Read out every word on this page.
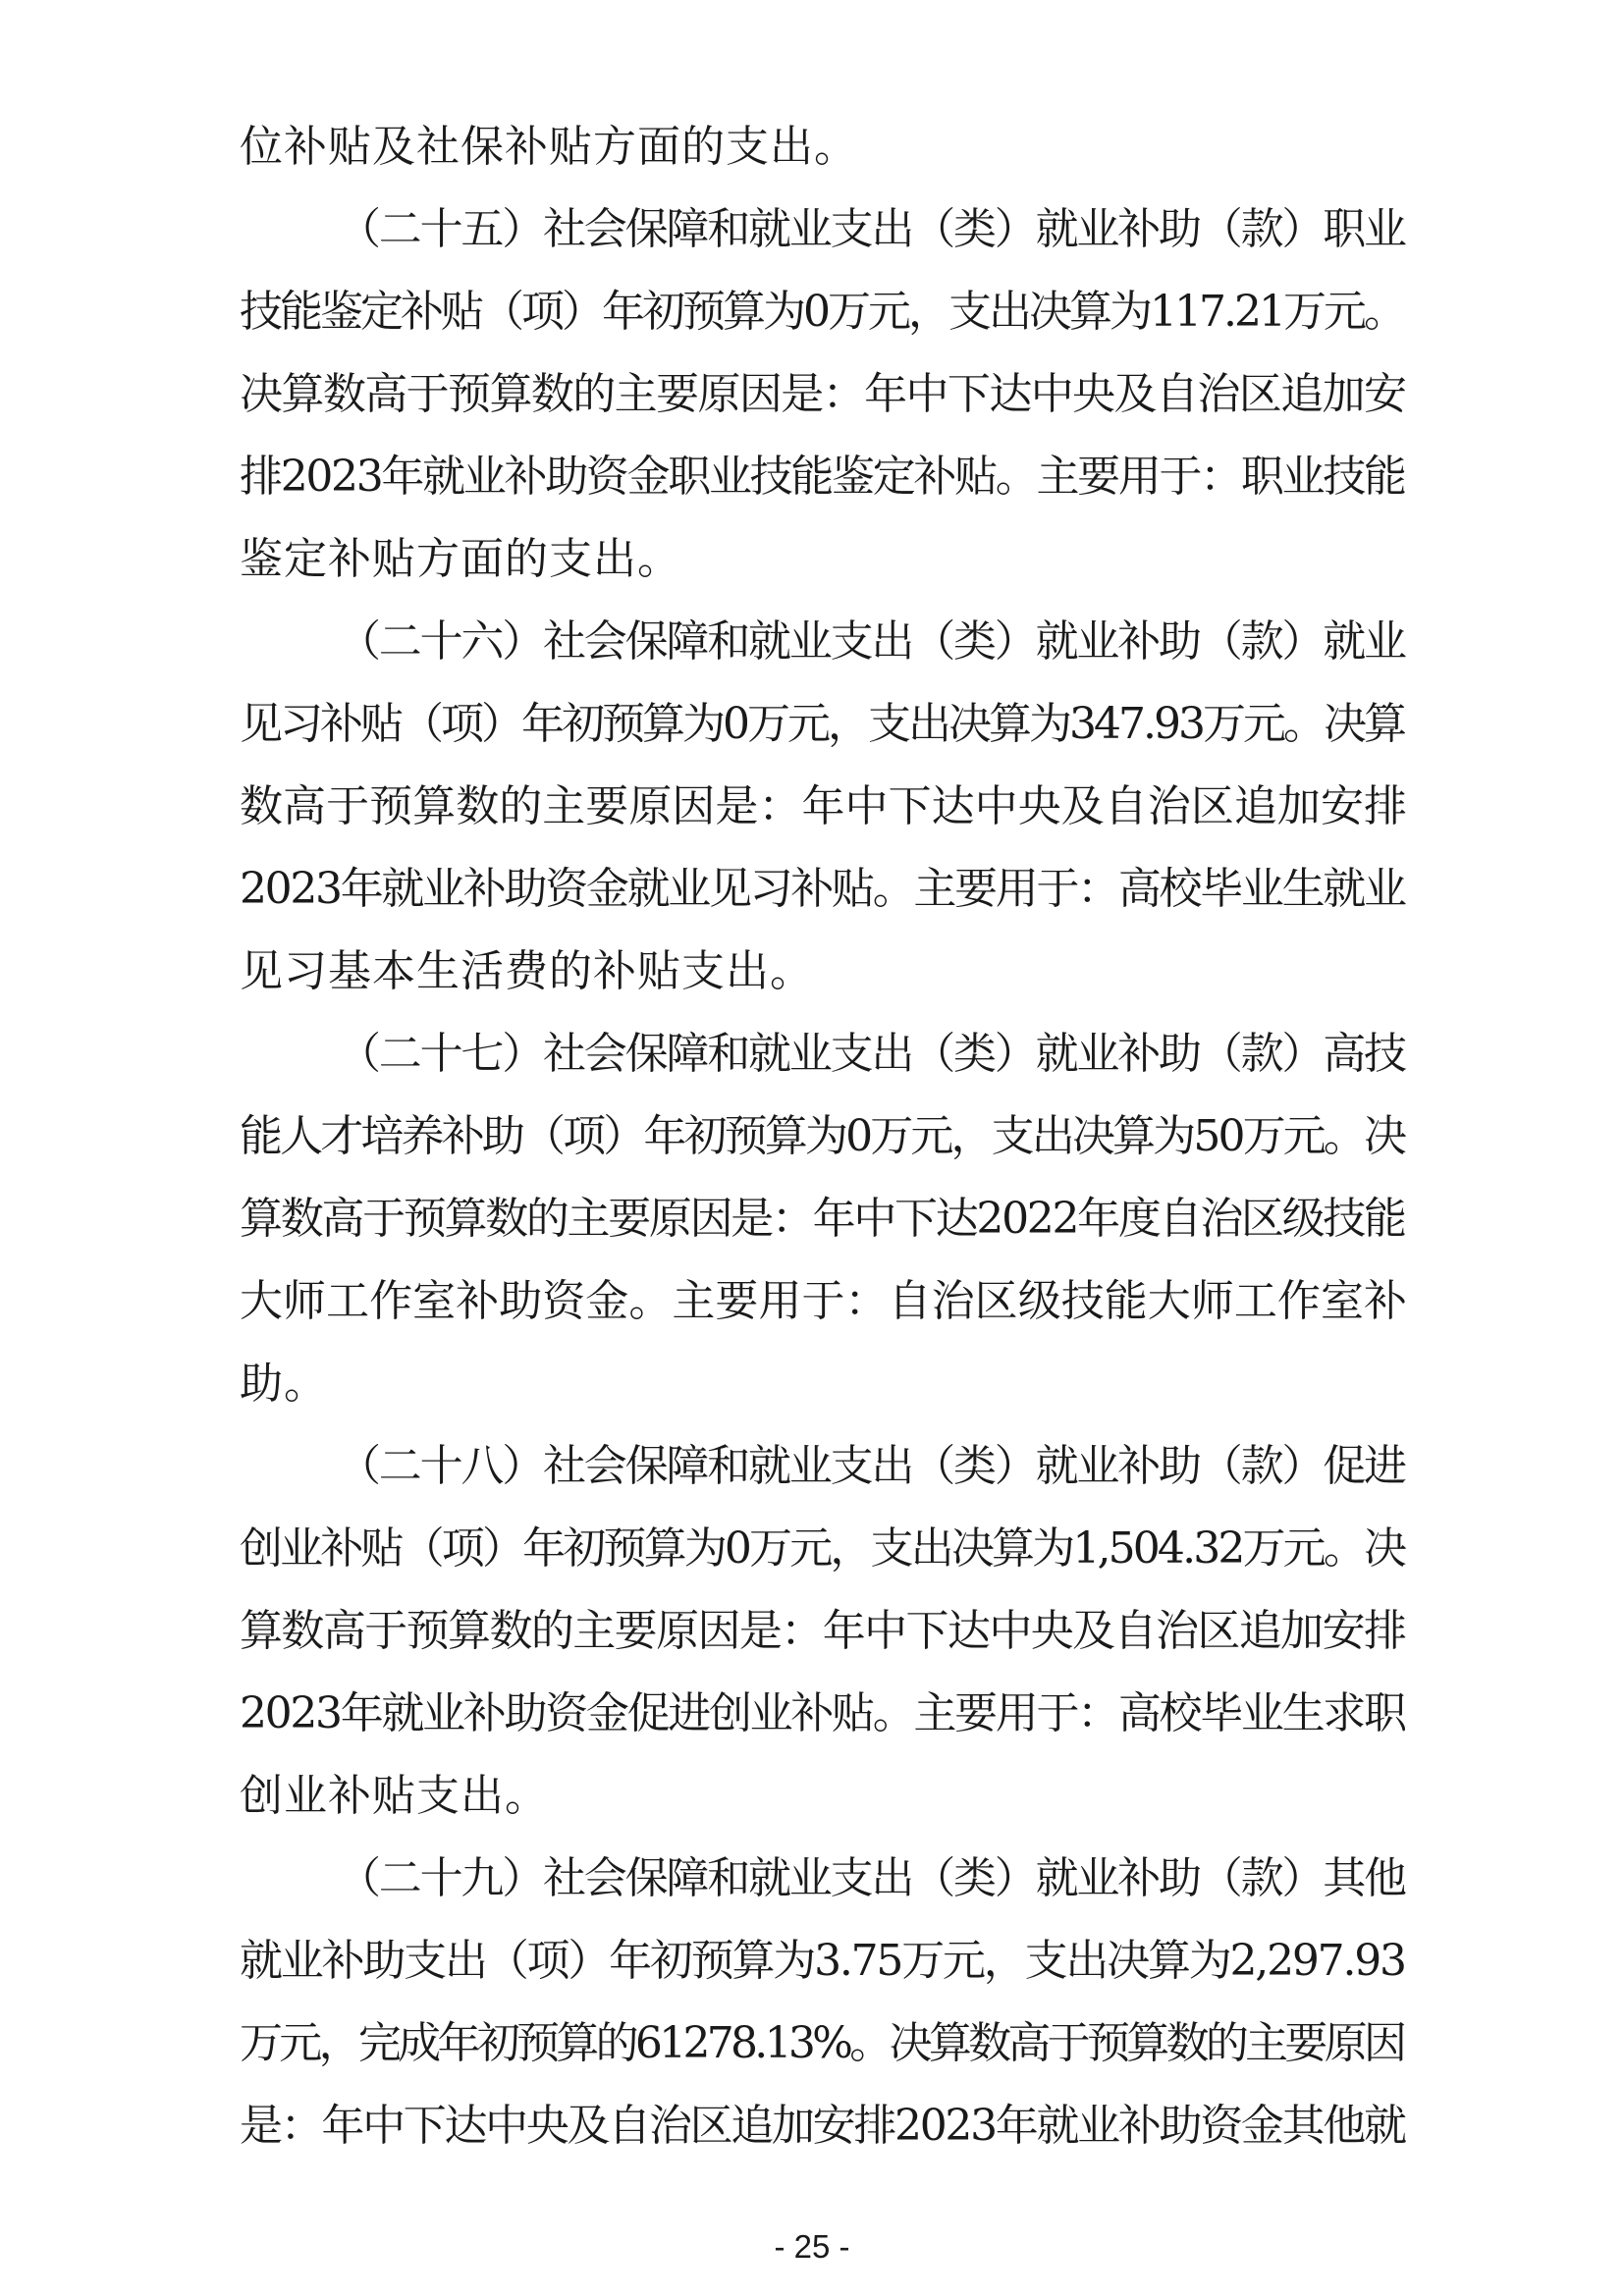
位补贴及社保补贴方面的支出。
（二十五）社会保障和就业支出（类）就业补助（款）职业
技能鉴定补贴（项）年初预算为0万元，支出决算为117.21万元。
决算数高于预算数的主要原因是：年中下达中央及自治区追加安
排2023年就业补助资金职业技能鉴定补贴。主要用于：职业技能
鉴定补贴方面的支出。
（二十六）社会保障和就业支出（类）就业补助（款）就业
见习补贴（项）年初预算为0万元，支出决算为347.93万元。决算
数高于预算数的主要原因是：年中下达中央及自治区追加安排
2023年就业补助资金就业见习补贴。主要用于：高校毕业生就业
见习基本生活费的补贴支出。
（二十七）社会保障和就业支出（类）就业补助（款）高技
能人才培养补助（项）年初预算为0万元，支出决算为50万元。决
算数高于预算数的主要原因是：年中下达2022年度自治区级技能
大师工作室补助资金。主要用于：自治区级技能大师工作室补
助。
（二十八）社会保障和就业支出（类）就业补助（款）促进
创业补贴（项）年初预算为0万元，支出决算为1,504.32万元。决
算数高于预算数的主要原因是：年中下达中央及自治区追加安排
2023年就业补助资金促进创业补贴。主要用于：高校毕业生求职
创业补贴支出。
（二十九）社会保障和就业支出（类）就业补助（款）其他
就业补助支出（项）年初预算为3.75万元，支出决算为2,297.93
万元，完成年初预算的61278.13%。决算数高于预算数的主要原因
是：年中下达中央及自治区追加安排2023年就业补助资金其他就
- 25 -
